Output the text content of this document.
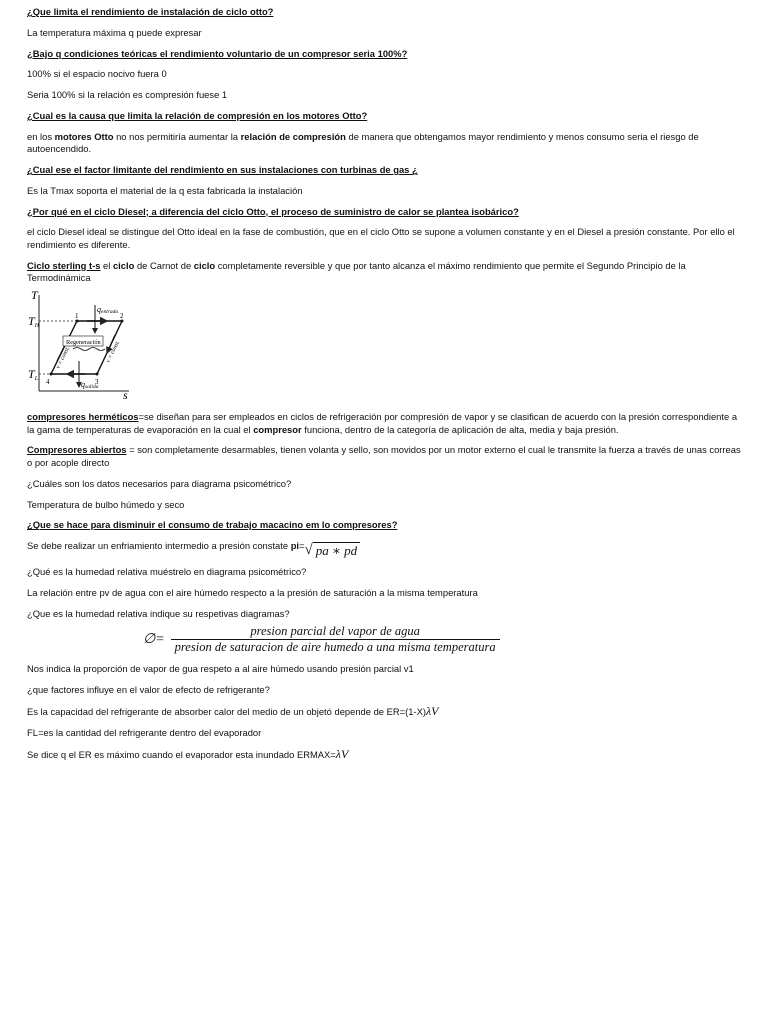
¿Que limita el rendimiento de instalación de ciclo otto?

La temperatura máxima q puede expresar

¿Bajo q condiciones teóricas el rendimiento voluntario de un compresor seria 100%?

100% si el espacio nocivo fuera 0

Seria 100% si la relación es compresión fuese 1

¿Cual es la causa que limita la relación de compresión en los motores Otto?

en los motores Otto no nos permitiría aumentar la relación de compresión de manera que obtengamos mayor rendimiento y menos consumo seria el riesgo de autoencendido.

¿Cual ese el factor limitante del rendimiento en sus instalaciones con turbinas de gas ¿

Es la Tmax soporta el material de la q esta fabricada la instalación

¿Por qué en el ciclo Diesel; a diferencia del ciclo Otto, el proceso de suministro de calor se plantea isobárico?

el ciclo Diesel ideal se distingue del Otto ideal en la fase de combustión, que en el ciclo Otto se supone a volumen constante y en el Diesel a presión constante. Por ello el rendimiento es diferente.

Ciclo sterling t-s el ciclo de Carnot de ciclo completamente reversible y que por tanto alcanza el máximo rendimiento que permite el Segundo Principio de la Termodinámica

T
s
TH
TL
Regeneración
qentrada
qsalida
v = const.	v = const.
1	2
3
4

compresores herméticos=se diseñan para ser empleados en ciclos de refrigeración por compresión de vapor y se clasifican de acuerdo con la presión correspondiente a la gama de temperaturas de evaporación en la cual el compresor funciona, dentro de la categoría de aplicación de alta, media y baja presión.

Compresores abiertos = son completamente desarmables, tienen volanta y sello, son movidos por un motor externo el cual le transmite la fuerza a través de unas correas o por acople directo

¿Cuáles son los datos necesarios para diagrama psicométrico?

Temperatura de bulbo húmedo y seco

¿Que se hace para disminuir el consumo de trabajo macacino em lo compresores?

Se debe realizar un enfriamiento intermedio a presión constate pi= √ pa ∗ pd

¿Qué es la humedad relativa muéstrelo en diagrama psicométrico?

La relación entre pv de agua con el aire húmedo respecto a la presión de saturación a la misma temperatura

¿Que es la humedad relativa indique su respetivas diagramas?

∅= $\frac{\text{presion parcial del vapor de agua}}{\text{presion de saturacion de aire humedo a una misma temperatura}}$

Nos indica la proporción de vapor de gua respeto a al aire húmedo usando presión parcial v1

¿que factores influye en el valor de efecto de refrigerante?

Es la capacidad del refrigerante de absorber calor del medio de un objetó depende de ER=(1-X)λV

FL=es la cantidad del refrigerante dentro del evaporador

Se dice q el ER es máximo cuando el evaporador esta inundado ERMAX=λV
